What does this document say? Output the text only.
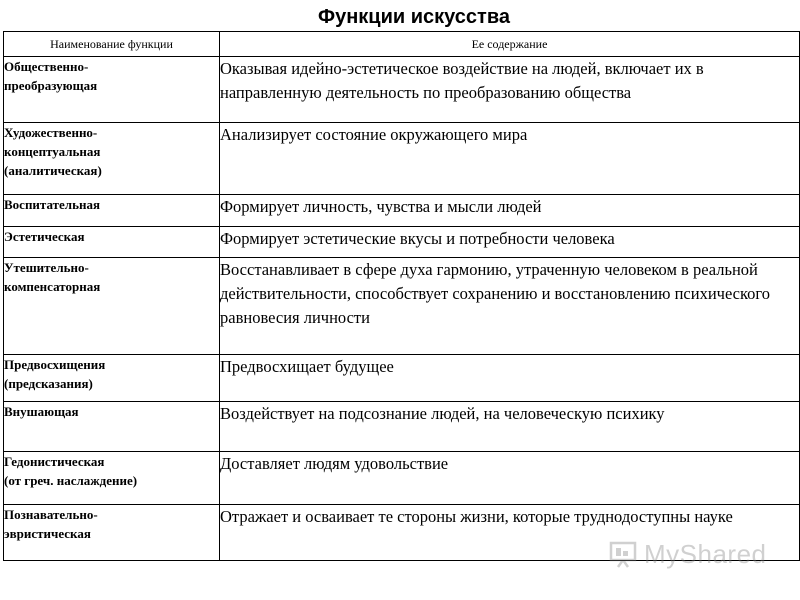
Функции искусства
Наименование функции	Ее содержание
Общественно-
преобразующая	Оказывая идейно-эстетическое воздействие на людей, включает их в направленную деятельность по преобразованию общества
Художественно-
концептуальная
(аналитическая)	Анализирует состояние окружающего мира
Воспитательная	Формирует личность, чувства и мысли людей
Эстетическая	Формирует эстетические вкусы и потребности человека
Утешительно-
компенсаторная	Восстанавливает в сфере духа гармонию, утраченную человеком в реальной действительности, способствует сохранению и восстановлению психического равновесия личности
Предвосхищения
(предсказания)	Предвосхищает будущее
Внушающая	Воздействует на подсознание людей, на человеческую психику
Гедонистическая
(от греч. наслаждение)	Доставляет людям удовольствие
Познавательно-
эвристическая	Отражает и осваивает те стороны жизни, которые труднодоступны науке
MyShared
